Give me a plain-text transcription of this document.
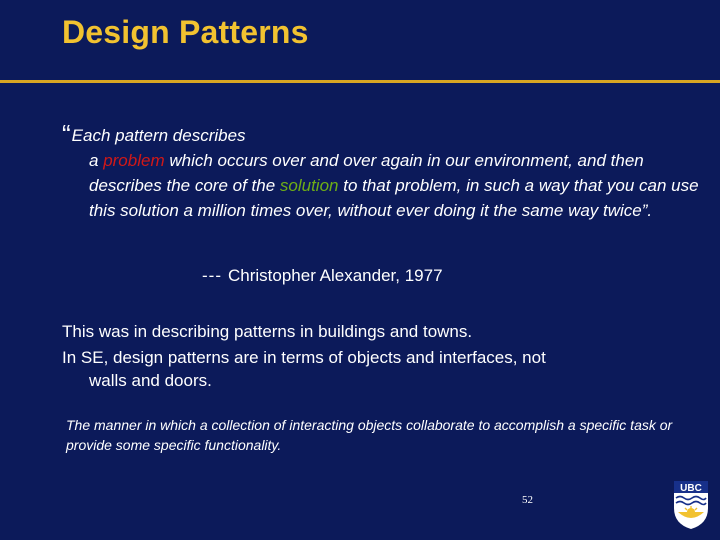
Design Patterns
“Each pattern describes
a problem which occurs over and over again in our environment, and then describes the core of the solution to that problem, in such a way that you can use this solution a million times over, without ever doing it the same way twice”.
--- Christopher Alexander, 1977
This was in describing patterns in buildings and towns.
In SE, design patterns are in terms of objects and interfaces, not
walls and doors.
The manner in which a collection of interacting objects collaborate to accomplish a specific task or provide some specific functionality.
52
UBC
